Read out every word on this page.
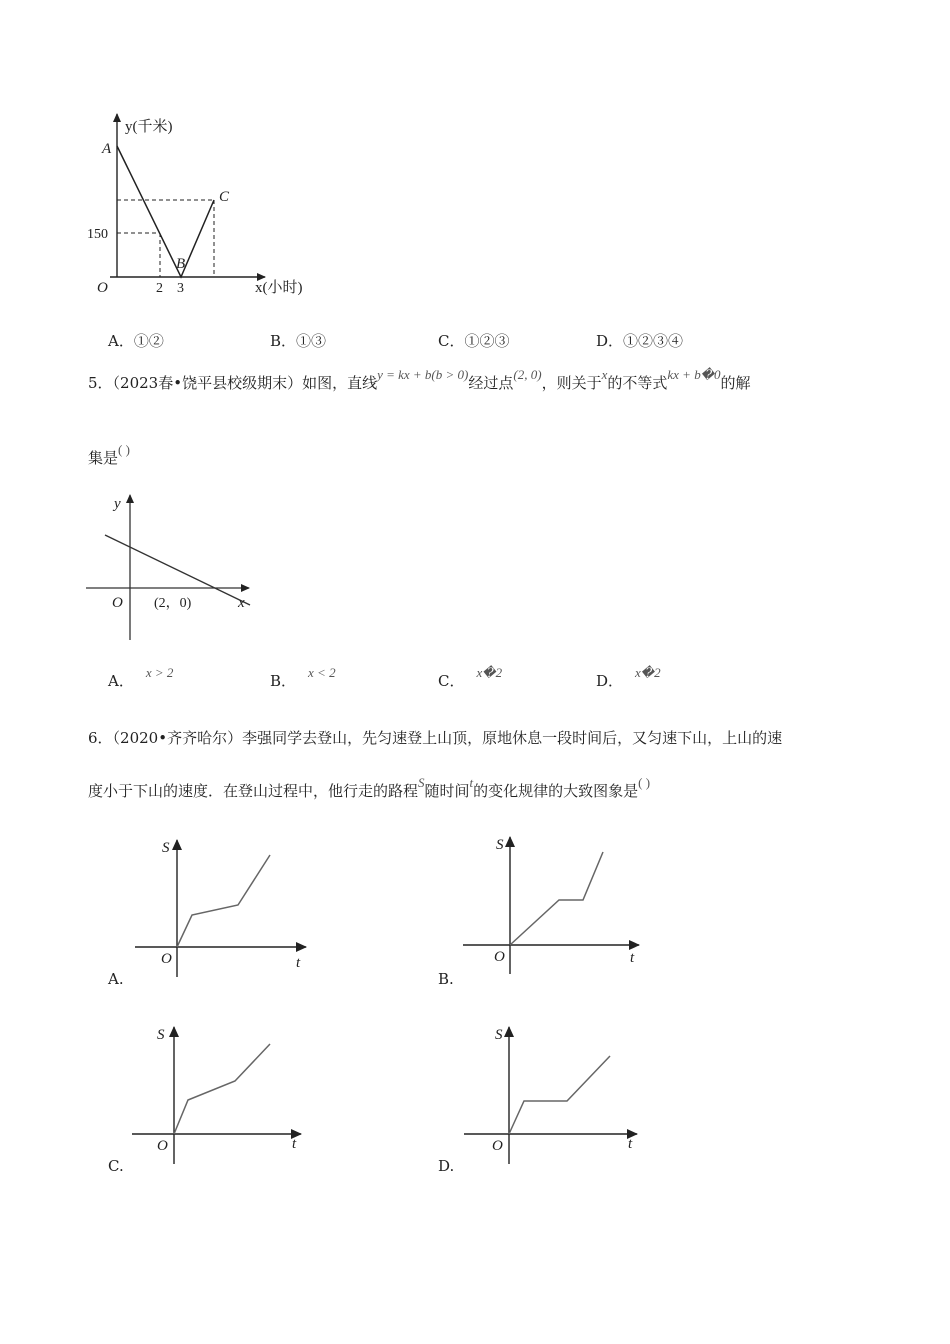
y(千米)
A
C
B
150
O	2 3	x(小时)
A．①②	B．①③	C．①②③	D．①②③④
5．（2023春•饶平县校级期末）如图，直线y = kx + b(b > 0)经过点(2, 0)，则关于x的不等式kx + b�0的解
集是( )
y
O (2，0)	x
A． x > 2	B． x < 2	C． x�2	D． x�2
6．（2020•齐齐哈尔）李强同学去登山，先匀速登上山顶，原地休息一段时间后，又匀速下山，上山的速
度小于下山的速度．在登山过程中，他行走的路程S随时间t的变化规律的大致图象是( )
S
O	t
A.
S
O	t
B.
S
O	t
C.
S
O	t
D.
